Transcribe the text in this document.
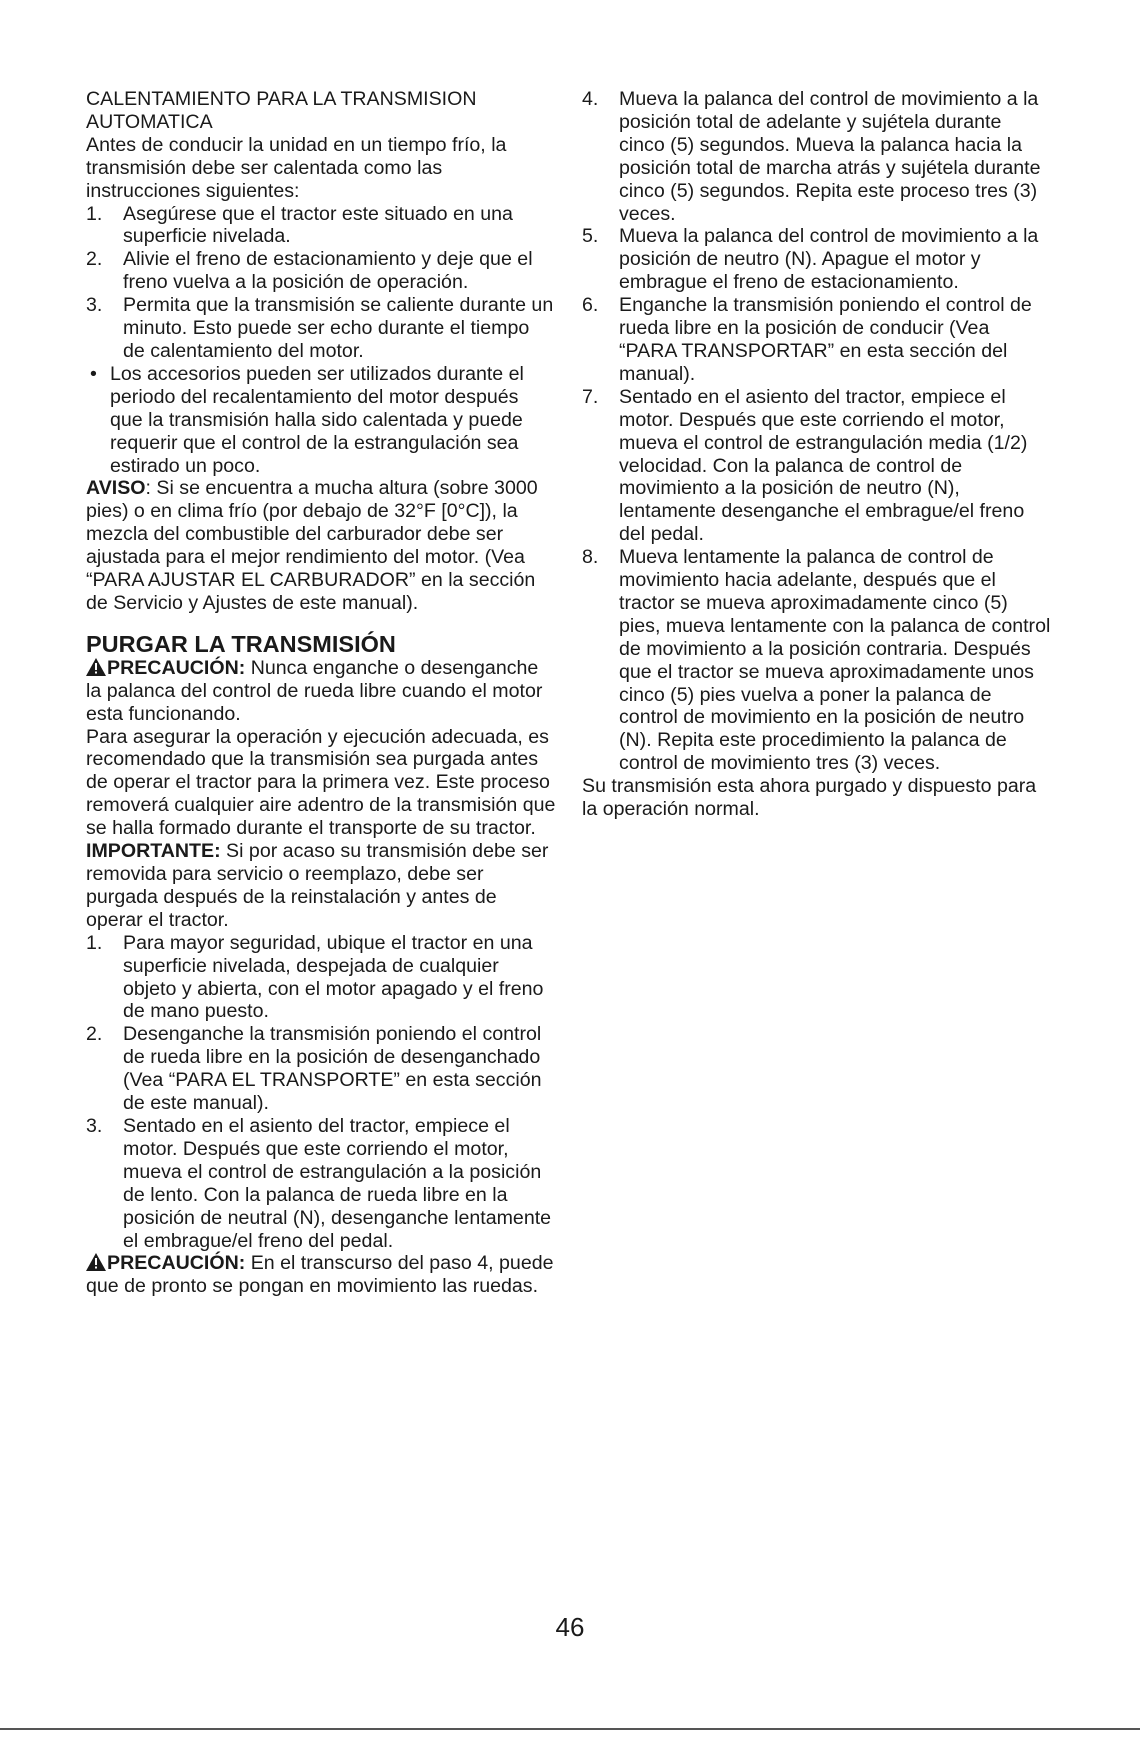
CALENTAMIENTO PARA LA TRANSMISION

AUTOMATICA

Antes de conducir la unidad en un tiempo frío, la transmisión debe ser calentada como las instrucciones siguientes:

1. Asegúrese que el tractor este situado en una superficie nivelada.
2. Alivie el freno de estacionamiento y deje que el freno vuelva a la posición de operación.
3. Permita que la transmisión se caliente durante un minuto. Esto puede ser echo durante el tiempo de calentamiento del motor.
• Los accesorios pueden ser utilizados durante el periodo del recalentamiento del motor después que la transmisión halla sido calentada y puede requerir que el control de la estrangulación sea estirado un poco.

AVISO: Si se encuentra a mucha altura (sobre 3000 pies) o en clima frío (por debajo de 32°F [0°C]), la mezcla del combustible del carburador debe ser ajustada para el mejor rendimiento del motor. (Vea “PARA AJUSTAR EL CARBURADOR” en la sección de Servicio y Ajustes de este manual).

PURGAR LA TRANSMISIÓN

PRECAUCIÓN: Nunca enganche o desenganche la palanca del control de rueda libre cuando el motor esta funcionando.

Para asegurar la operación y ejecución adecuada, es recomendado que la transmisión sea purgada antes de operar el tractor para la primera vez. Este proceso removerá cualquier aire adentro de la transmisión que se halla formado durante el transporte de su tractor.

IMPORTANTE: Si por acaso su transmisión debe ser removida para servicio o reemplazo, debe ser purgada después de la reinstalación y antes de operar el tractor.

1. Para mayor seguridad, ubique el tractor en una superficie nivelada, despejada de cualquier objeto y abierta, con el motor apagado y el freno de mano puesto.
2. Desenganche la transmisión poniendo el control de rueda libre en la posición de desenganchado (Vea “PARA EL TRANSPORTE” en esta sección de este manual).
3. Sentado en el asiento del tractor, empiece el motor. Después que este corriendo el motor, mueva el control de estrangulación a la posición de lento. Con la palanca de rueda libre en la posición de neutral (N), desenganche lentamente el embrague/el freno del pedal.

PRECAUCIÓN: En el transcurso del paso 4, puede que de pronto se pongan en movimiento las ruedas.

4. Mueva la palanca del control de movimiento a la posición total de adelante y sujétela durante cinco (5) segundos. Mueva la palanca hacia la posición total de marcha atrás y sujétela durante cinco (5) segundos. Repita este proceso tres (3) veces.
5. Mueva la palanca del control de movimiento a la posición de neutro (N). Apague el motor y embrague el freno de estacionamiento.
6. Enganche la transmisión poniendo el control de rueda libre en la posición de conducir (Vea “PARA TRANSPORTAR” en esta sección del manual).
7. Sentado en el asiento del tractor, empiece el motor. Después que este corriendo el motor, mueva el control de estrangulación media (1/2) velocidad. Con la palanca de control de movimiento a la posición de neutro (N), lentamente desenganche el embrague/el freno del pedal.
8. Mueva lentamente la palanca de control de movimiento hacia adelante, después que el tractor se mueva aproximadamente cinco (5) pies, mueva lentamente con la palanca de control de movimiento a la posición contraria. Después que el tractor se mueva aproximadamente unos cinco (5) pies vuelva a poner la palanca de control de movimiento en la posición de neutro (N). Repita este procedimiento la palanca de control de movimiento tres (3) veces.

Su transmisión esta ahora purgado y dispuesto para la operación normal.

46
